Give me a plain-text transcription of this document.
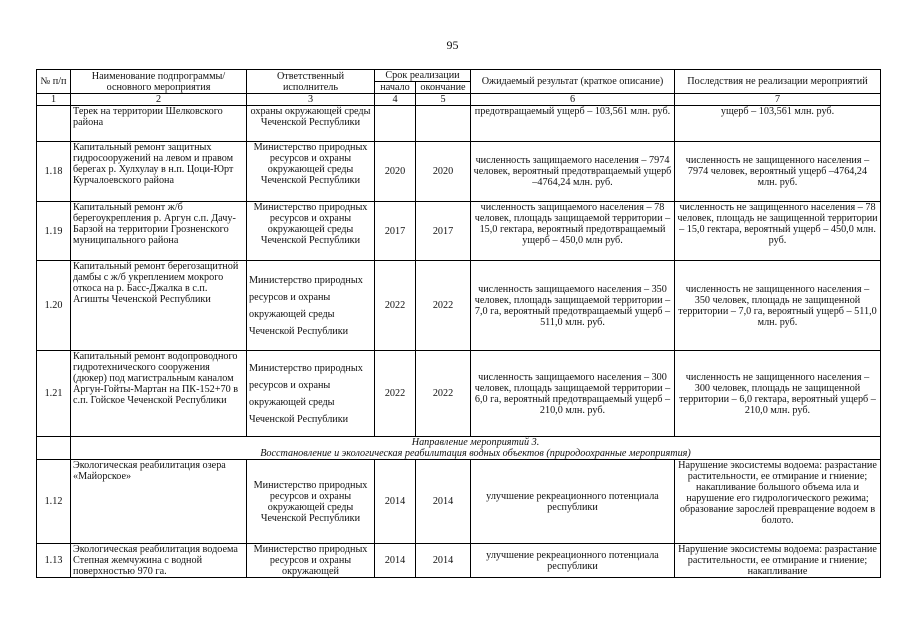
95
№ п/п	Наименование подпрограммы/ основного мероприятия	Ответственный исполнитель	Срок реализации		Ожидаемый результат (краткое описание)	Последствия не реализации мероприятий
			начало	окончание		
1	2	3	4	5	6	7
	Терек на территории Шелковского района	охраны окружающей среды Чеченской Республики			предотвращаемый ущерб – 103,561 млн. руб.	ущерб – 103,561 млн. руб.
1.18	Капитальный ремонт защитных гидросооружений на левом и правом берегах р. Хулхулау в н.п. Цоци-Юрт Курчалоевского района	Министерство природных ресурсов и охраны окружающей среды Чеченской Республики	2020	2020	численность защищаемого населения – 7974 человек, вероятный предотвращаемый ущерб –4764,24 млн. руб.	численность не защищенного населения – 7974 человек, вероятный ущерб –4764,24 млн. руб.
1.19	Капитальный ремонт ж/б берегоукрепления р. Аргун с.п. Дачу-Барзой на территории Грозненского муниципального района	Министерство природных ресурсов и охраны окружающей среды Чеченской Республики	2017	2017	численность защищаемого населения – 78 человек, площадь защищаемой территории – 15,0 гектара, вероятный предотвращаемый ущерб – 450,0 млн руб.	численность не защищенного населения – 78 человек, площадь не защищенной территории – 15,0 гектара, вероятный ущерб – 450,0 млн. руб.
1.20	Капитальный ремонт берегозащитной дамбы с ж/б укреплением мокрого откоса на р. Басс-Джалка в с.п. Агишты Чеченской Республики	Министерство природных ресурсов и охраны окружающей среды Чеченской Республики	2022	2022	численность защищаемого населения – 350 человек, площадь защищаемой территории – 7,0 га, вероятный предотвращаемый ущерб – 511,0 млн. руб.	численность не защищенного населения – 350 человек, площадь не защищенной территории – 7,0 га, вероятный ущерб – 511,0 млн. руб.
1.21	Капитальный ремонт водопроводного гидротехнического сооружения (дюкер) под магистральным каналом Аргун-Гойты-Мартан на ПК-152+70 в с.п. Гойское Чеченской Республики	Министерство природных ресурсов и охраны окружающей среды Чеченской Республики	2022	2022	численность защищаемого населения – 300 человек, площадь защищаемой территории – 6,0 га, вероятный предотвращаемый ущерб – 210,0 млн. руб.	численность не защищенного населения – 300 человек, площадь не защищенной территории – 6,0 гектара, вероятный ущерб – 210,0 млн. руб.

	Направление мероприятий 3.
Восстановление и экологическая реабилитация водных объектов (природоохранные мероприятия)					

1.12	Экологическая реабилитация озера «Майорское»	Министерство природных ресурсов и охраны окружающей среды Чеченской Республики	2014	2014	улучшение рекреационного потенциала республики	Нарушение экосистемы водоема: разрастание растительности, ее отмирание и гниение; накапливание большого объема ила и нарушение его гидрологического режима; образование зарослей превращение водоем в болото.
1.13	Экологическая реабилитация водоема Степная жемчужина с водной поверхностью 970 га.	Министерство природных ресурсов и охраны окружающей	2014	2014	улучшение рекреационного потенциала республики	Нарушение экосистемы водоема: разрастание растительности, ее отмирание и гниение; накапливание
